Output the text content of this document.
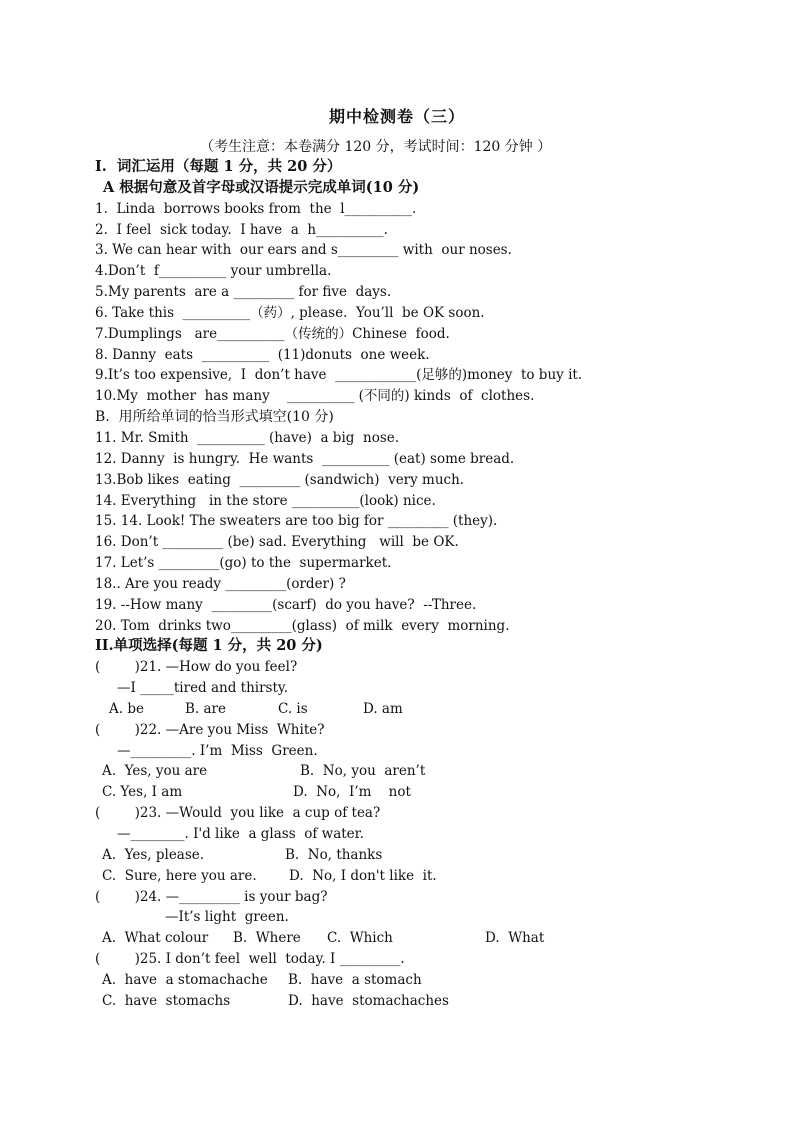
期中检测卷（三）
（考生注意：本卷满分 120 分，考试时间：120 分钟 ）
I.  词汇运用（每题 1 分，共 20 分）
A 根据句意及首字母或汉语提示完成单词(10 分)
1.  Linda  borrows books from  the  l__________.
2.  I feel  sick today.  I have  a  h__________.
3. We can hear with  our ears and s_________ with  our noses.
4.Don’t  f__________ your umbrella.
5.My parents  are a _________ for five  days.
6. Take this  __________（药）, please.  You’ll  be OK soon.
7.Dumplings   are__________（传统的）Chinese  food.
8. Danny  eats  __________  (11)donuts  one week.
9.It’s too expensive,  I  don’t have  ____________(足够的)money  to buy it.
10.My  mother  has many    __________ (不同的) kinds  of  clothes.
B.  用所给单词的恰当形式填空(10 分)
11. Mr. Smith  __________ (have)  a big  nose.
12. Danny  is hungry.  He wants  __________ (eat) some bread.
13.Bob likes  eating  _________ (sandwich)  very much.
14. Everything   in the store __________(look) nice.
15. 14. Look! The sweaters are too big for _________ (they).
16. Don’t _________ (be) sad. Everything   will  be OK.
17. Let’s _________(go) to the  supermarket.
18.. Are you ready _________(order) ?
19. --How many  _________(scarf)  do you have?  --Three.
20. Tom  drinks two_________(glass)  of milk  every  morning.
II.单项选择(每题 1 分，共 20 分)
(        )21. —How do you feel?
—I _____tired and thirsty.

A. be

	B. are

	C. is

	D. am

(        )22. —Are you Miss  White?
—_________. I’m  Miss  Green.

A.  Yes, you are

	B.  No, you  aren’t

C. Yes, I am

	D.  No,  I’m    not

(        )23. —Would  you like  a cup of tea?
—________. I'd like  a glass  of water.

A.  Yes, please.

	B.  No, thanks

C.  Sure, here you are.

D.  No, I don't like  it.

(        )24. —_________ is your bag?
—It’s light  green.

A.  What colour

B.  Where

C.  Which

	D.  What

(        )25. I don’t feel  well  today. I _________.

A.  have  a stomachache

B.  have  a stomach

C.  have  stomachs

	D.  have  stomachaches
